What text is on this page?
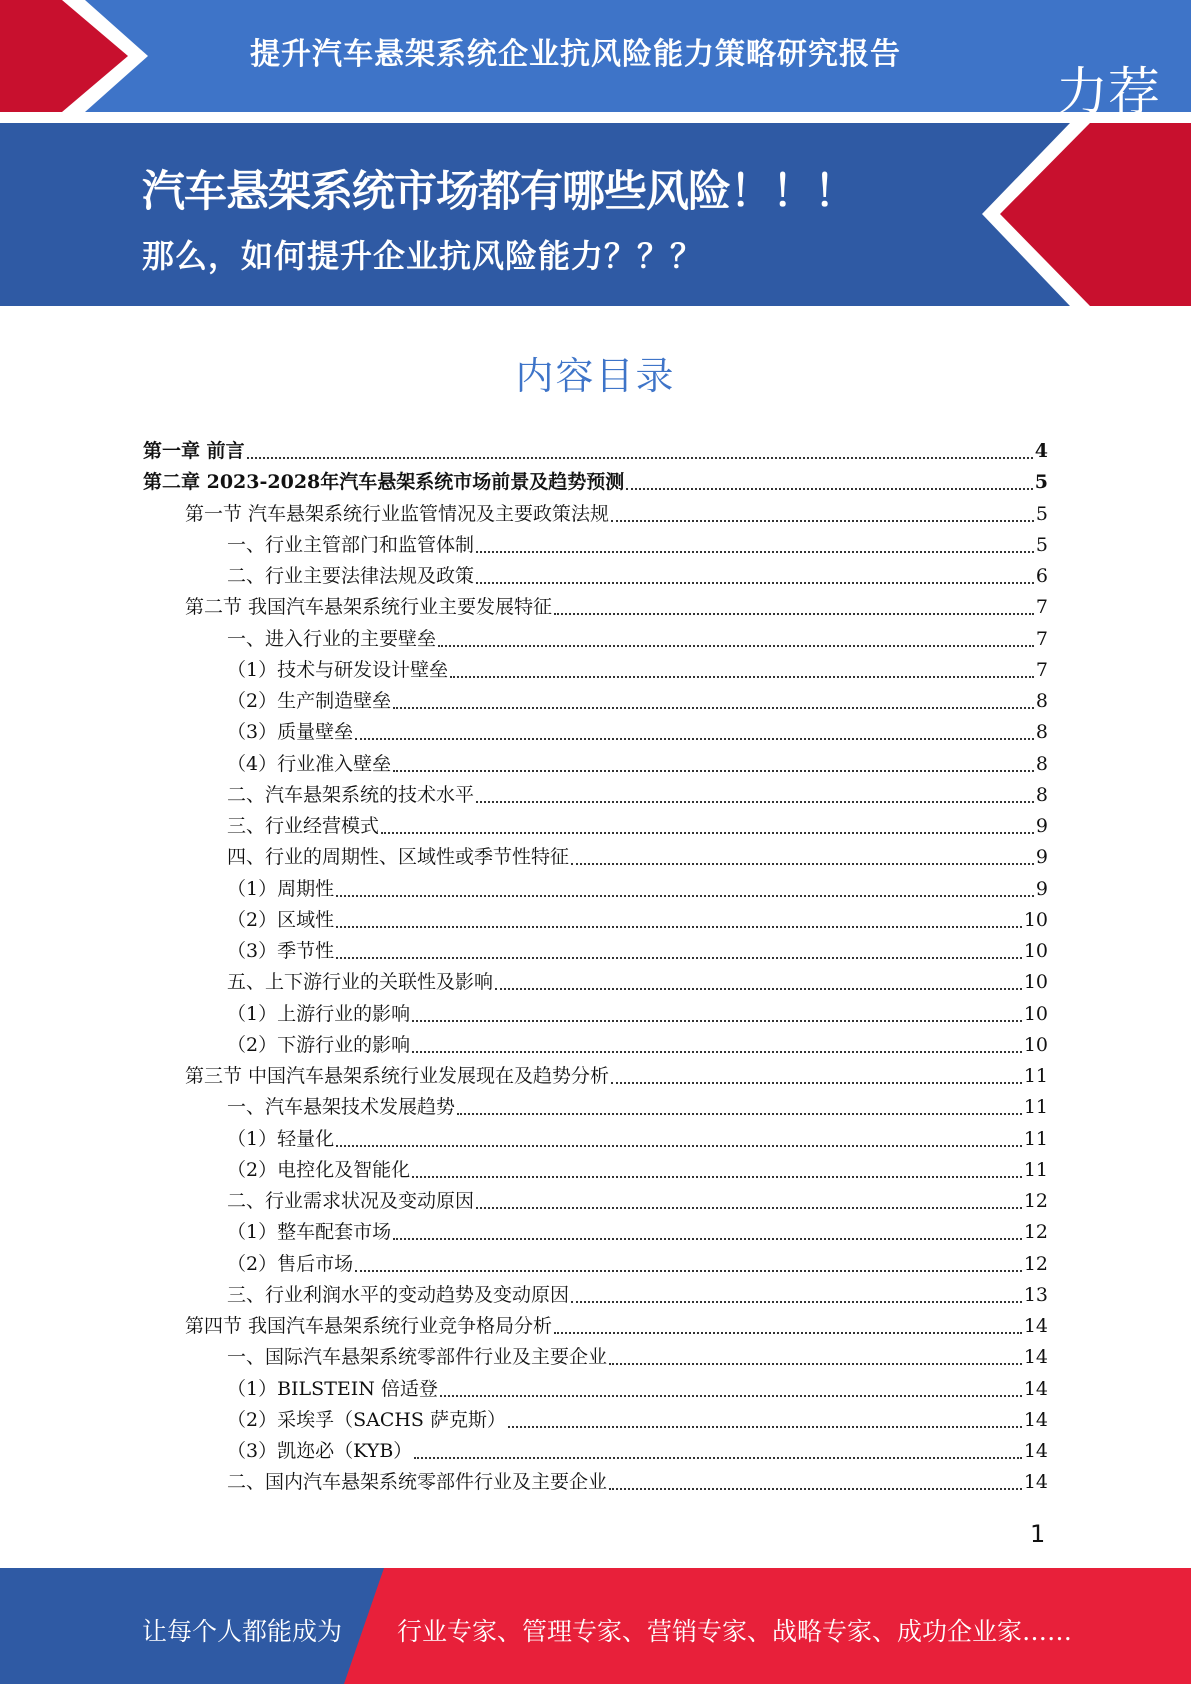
提升汽车悬架系统企业抗风险能力策略研究报告
汽车悬架系统市场都有哪些风险！！！
那么，如何提升企业抗风险能力？？？
力荐
内容目录
第一章 前言	4
第二章 2023-2028年汽车悬架系统市场前景及趋势预测	5
第一节 汽车悬架系统行业监管情况及主要政策法规	5
一、行业主管部门和监管体制	5
二、行业主要法律法规及政策	6
第二节 我国汽车悬架系统行业主要发展特征	7
一、进入行业的主要壁垒	7
（1）技术与研发设计壁垒	7
（2）生产制造壁垒	8
（3）质量壁垒	8
（4）行业准入壁垒	8
二、汽车悬架系统的技术水平	8
三、行业经营模式	9
四、行业的周期性、区域性或季节性特征	9
（1）周期性	9
（2）区域性	10
（3）季节性	10
五、上下游行业的关联性及影响	10
（1）上游行业的影响	10
（2）下游行业的影响	10
第三节 中国汽车悬架系统行业发展现在及趋势分析	11
一、汽车悬架技术发展趋势	11
（1）轻量化	11
（2）电控化及智能化	11
二、行业需求状况及变动原因	12
（1）整车配套市场	12
（2）售后市场	12
三、行业利润水平的变动趋势及变动原因	13
第四节 我国汽车悬架系统行业竞争格局分析	14
一、国际汽车悬架系统零部件行业及主要企业	14
（1）BILSTEIN 倍适登	14
（2）采埃孚（SACHS 萨克斯）	14
（3）凯迩必（KYB）	14
二、国内汽车悬架系统零部件行业及主要企业	14
1
让每个人都能成为 行业专家、管理专家、营销专家、战略专家、成功企业家……
